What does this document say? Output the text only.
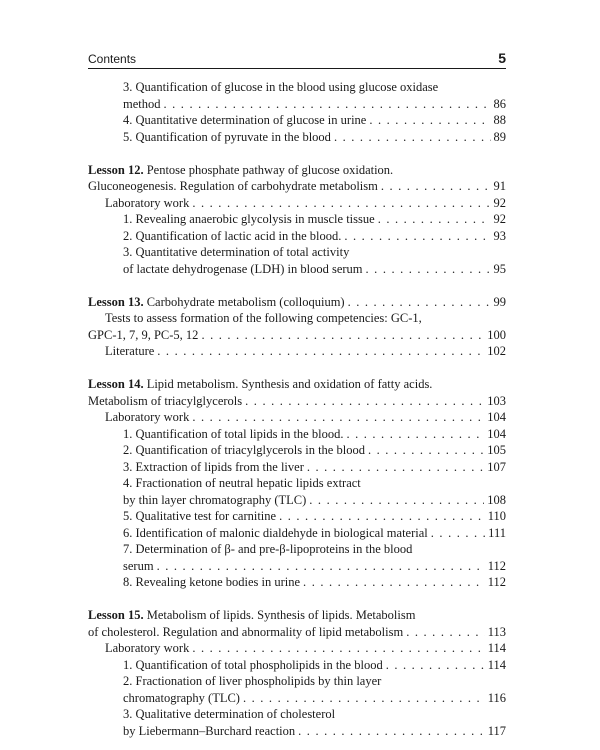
Contents	5
3. Quantification of glucose in the blood using glucose oxidase
method . . .	86
4. Quantitative determination of glucose in urine . . .	88
5. Quantification of pyruvate in the blood . . .	89
Lesson 12. Pentose phosphate pathway of glucose oxidation.
Gluconeogenesis. Regulation of carbohydrate metabolism . . .	91
Laboratory work . . .	92
1. Revealing anaerobic glycolysis in muscle tissue . . .	92
2. Quantification of lactic acid in the blood. . . .	93
3. Quantitative determination of total activity
of lactate dehydrogenase (LDH) in blood serum . . .	95
Lesson 13. Carbohydrate metabolism (colloquium) . . .	99
Tests to assess formation of the following competencies: GC-1,
GPC-1, 7, 9, PC-5, 12 . . .	100
Literature . . .	102
Lesson 14. Lipid metabolism. Synthesis and oxidation of fatty acids.
Metabolism of triacylglycerols . . .	103
Laboratory work . . .	104
1. Quantification of total lipids in the blood. . . .	104
2. Quantification of triacylglycerols in the blood . . .	105
3. Extraction of lipids from the liver . . .	107
4. Fractionation of neutral hepatic lipids extract
by thin layer chromatography (TLC) . . .	108
5. Qualitative test for carnitine . . .	110
6. Identification of malonic dialdehyde in biological material . . .	111
7. Determination of β- and pre-β-lipoproteins in the blood
serum . . .	112
8. Revealing ketone bodies in urine . . .	112
Lesson 15. Metabolism of lipids. Synthesis of lipids. Metabolism
of cholesterol. Regulation and abnormality of lipid metabolism . . .	113
Laboratory work . . .	114
1. Quantification of total phospholipids in the blood . . .	114
2. Fractionation of liver phospholipids by thin layer
chromatography (TLC) . . .	116
3. Qualitative determination of cholesterol
by Liebermann–Burchard reaction . . .	117
